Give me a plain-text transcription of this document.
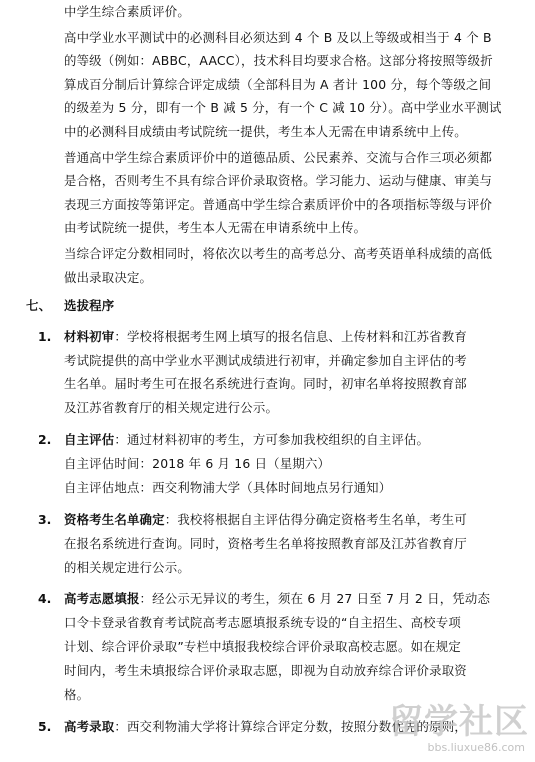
中学生综合素质评价。
高中学业水平测试中的必测科目必须达到 4 个 B 及以上等级或相当于 4 个 B
的等级（例如：ABBC，AACC），技术科目均要求合格。这部分将按照等级折
算成百分制后计算综合评定成绩（全部科目为 A 者计 100 分，每个等级之间
的级差为 5 分，即有一个 B 减 5 分，有一个 C 减 10 分）。高中学业水平测试
中的必测科目成绩由考试院统一提供，考生本人无需在申请系统中上传。
普通高中学生综合素质评价中的道德品质、公民素养、交流与合作三项必须都
是合格，否则考生不具有综合评价录取资格。学习能力、运动与健康、审美与
表现三方面按等第评定。普通高中学生综合素质评价中的各项指标等级与评价
由考试院统一提供，考生本人无需在申请系统中上传。
当综合评定分数相同时，将依次以考生的高考总分、高考英语单科成绩的高低
做出录取决定。
七、 选拔程序
1. 材料初审：学校将根据考生网上填写的报名信息、上传材料和江苏省教育
考试院提供的高中学业水平测试成绩进行初审，并确定参加自主评估的考
生名单。届时考生可在报名系统进行查询。同时，初审名单将按照教育部
及江苏省教育厅的相关规定进行公示。
2. 自主评估：通过材料初审的考生，方可参加我校组织的自主评估。
自主评估时间：2018 年 6 月 16 日（星期六）
自主评估地点：西交利物浦大学（具体时间地点另行通知）
3. 资格考生名单确定：我校将根据自主评估得分确定资格考生名单，考生可
在报名系统进行查询。同时，资格考生名单将按照教育部及江苏省教育厅
的相关规定进行公示。
4. 高考志愿填报：经公示无异议的考生，须在 6 月 27 日至 7 月 2 日，凭动态
口令卡登录省教育考试院高考志愿填报系统专设的“自主招生、高校专项
计划、综合评价录取”专栏中填报我校综合评价录取高校志愿。如在规定
时间内，考生未填报综合评价录取志愿，即视为自动放弃综合评价录取资
格。
5. 高考录取：西交利物浦大学将计算综合评定分数，按照分数优先的原则，
留学社区
bbs.liuxue86.com
